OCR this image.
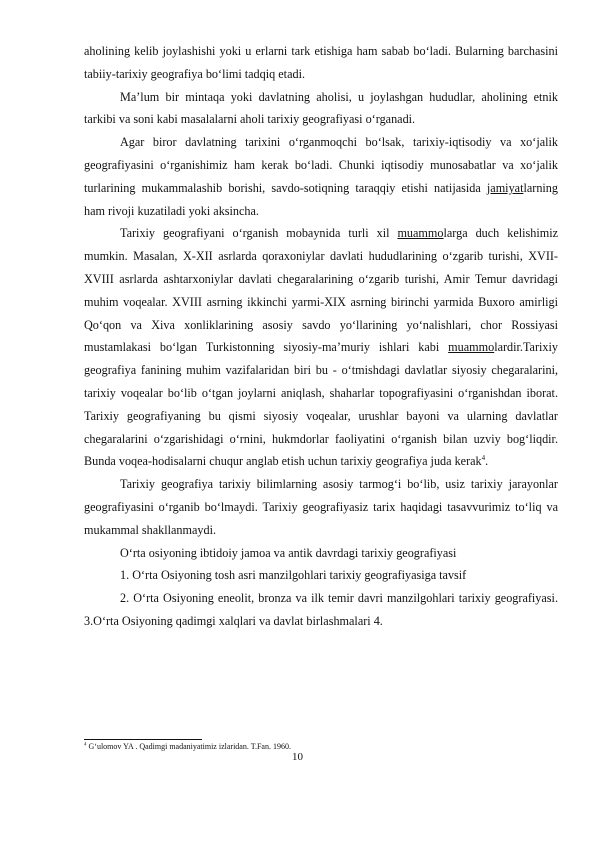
aholining kelib joylashishi yoki u erlarni tark etishiga ham sabab bo‘ladi. Bularning barchasini tabiiy-tarixiy geografiya bo‘limi tadqiq etadi.

Ma’lum bir mintaqa yoki davlatning aholisi, u joylashgan hududlar, aholining etnik tarkibi va soni kabi masalalarni aholi tarixiy geografiyasi o‘rganadi.

Agar biror davlatning tarixini o‘rganmoqchi bo‘lsak, tarixiy-iqtisodiy va xo‘jalik geografiyasini o‘rganishimiz ham kerak bo‘ladi. Chunki iqtisodiy munosabatlar va xo‘jalik turlarining mukammalashib borishi, savdo-sotiqning taraqqiy etishi natijasida jamiyatlarning ham rivoji kuzatiladi yoki aksincha.

Tarixiy geografiyani o‘rganish mobaynida turli xil muammolarga duch kelishimiz mumkin. Masalan, X-XII asrlarda qoraxoniylar davlati hududlarining o‘zgarib turishi, XVII-XVIII asrlarda ashtarxoniylar davlati chegaralarining o‘zgarib turishi, Amir Temur davridagi muhim voqealar. XVIII asrning ikkinchi yarmi-XIX asrning birinchi yarmida Buxoro amirligi Qo‘qon va Xiva xonliklarining asosiy savdo yo‘llarining yo‘nalishlari, chor Rossiyasi mustamlakasi bo‘lgan Turkistonning siyosiy-ma’muriy ishlari kabi muammolardir.Tarixiy geografiya fanining muhim vazifalaridan biri bu - o‘tmishdagi davlatlar siyosiy chegaralarini, tarixiy voqealar bo‘lib o‘tgan joylarni aniqlash, shaharlar topografiyasini o‘rganishdan iborat. Tarixiy geografiyaning bu qismi siyosiy voqealar, urushlar bayoni va ularning davlatlar chegaralarini o‘zgarishidagi o‘rnini, hukmdorlar faoliyatini o‘rganish bilan uzviy bog‘liqdir. Bunda voqea-hodisalarni chuqur anglab etish uchun tarixiy geografiya juda kerak$^4$.

Tarixiy geografiya tarixiy bilimlarning asosiy tarmog‘i bo‘lib, usiz tarixiy jarayonlar geografiyasini o‘rganib bo‘lmaydi. Tarixiy geografiyasiz tarix haqidagi tasavvurimiz to‘liq va mukammal shakllanmaydi.

O‘rta osiyoning ibtidoiy jamoa va antik davrdagi tarixiy geografiyasi

1. O‘rta Osiyoning tosh asri manzilgohlari tarixiy geografiyasiga tavsif

2. O‘rta Osiyoning eneolit, bronza va ilk temir davri manzilgohlari tarixiy geografiyasi. 3.O‘rta Osiyoning qadimgi xalqlari va davlat birlashmalari 4.

$^4$ G‘ulomov YA . Qadimgi madaniyatimiz izlaridan. T.Fan. 1960.
10
